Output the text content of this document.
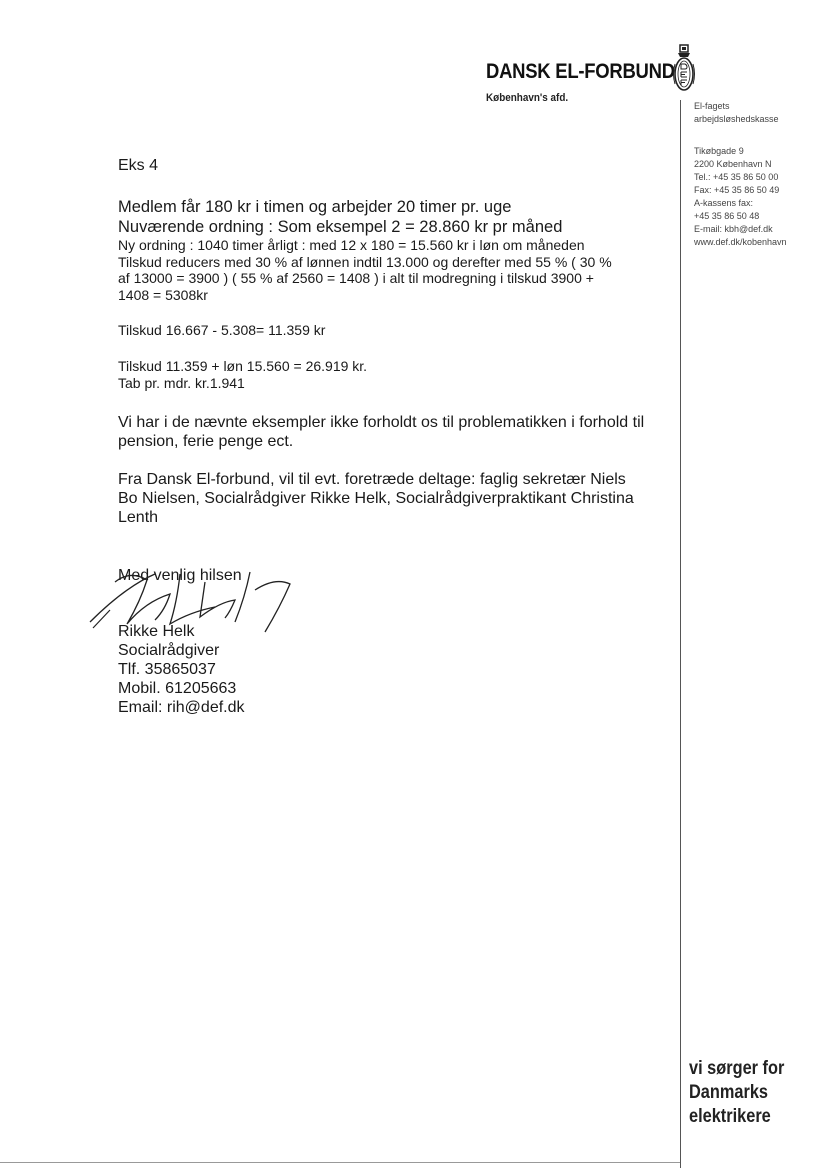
DANSK EL-FORBUND
København's afd.
El-fagets
arbejdsløshedskasse
Tikøbgade 9
2200 København N
Tel.: +45 35 86 50 00
Fax: +45 35 86 50 49
A-kassens fax:
+45 35 86 50 48
E-mail: kbh@def.dk
www.def.dk/kobenhavn
vi sørger for
Danmarks
elektrikere
Eks 4
Medlem får 180 kr i timen og arbejder 20 timer pr. uge
Nuværende ordning : Som eksempel 2 = 28.860 kr pr måned
Ny ordning : 1040 timer årligt : med 12 x 180 = 15.560 kr i løn om måneden
Tilskud reducers med 30 % af lønnen indtil 13.000 og derefter med 55 % ( 30 %
af 13000 = 3900 ) ( 55 % af 2560 = 1408 ) i alt til modregning i tilskud 3900 +
1408 = 5308kr
Tilskud 16.667 - 5.308= 11.359 kr
Tilskud 11.359 + løn 15.560 = 26.919 kr.
Tab pr. mdr. kr.1.941
Vi har i de nævnte eksempler ikke forholdt os til problematikken i forhold til
pension, ferie penge ect.
Fra Dansk El-forbund, vil til evt. foretræde deltage: faglig sekretær Niels
Bo Nielsen, Socialrådgiver Rikke Helk, Socialrådgiverpraktikant Christina
Lenth
Med venlig hilsen
Rikke Helk
Socialrådgiver
Tlf. 35865037
Mobil. 61205663
Email: rih@def.dk
